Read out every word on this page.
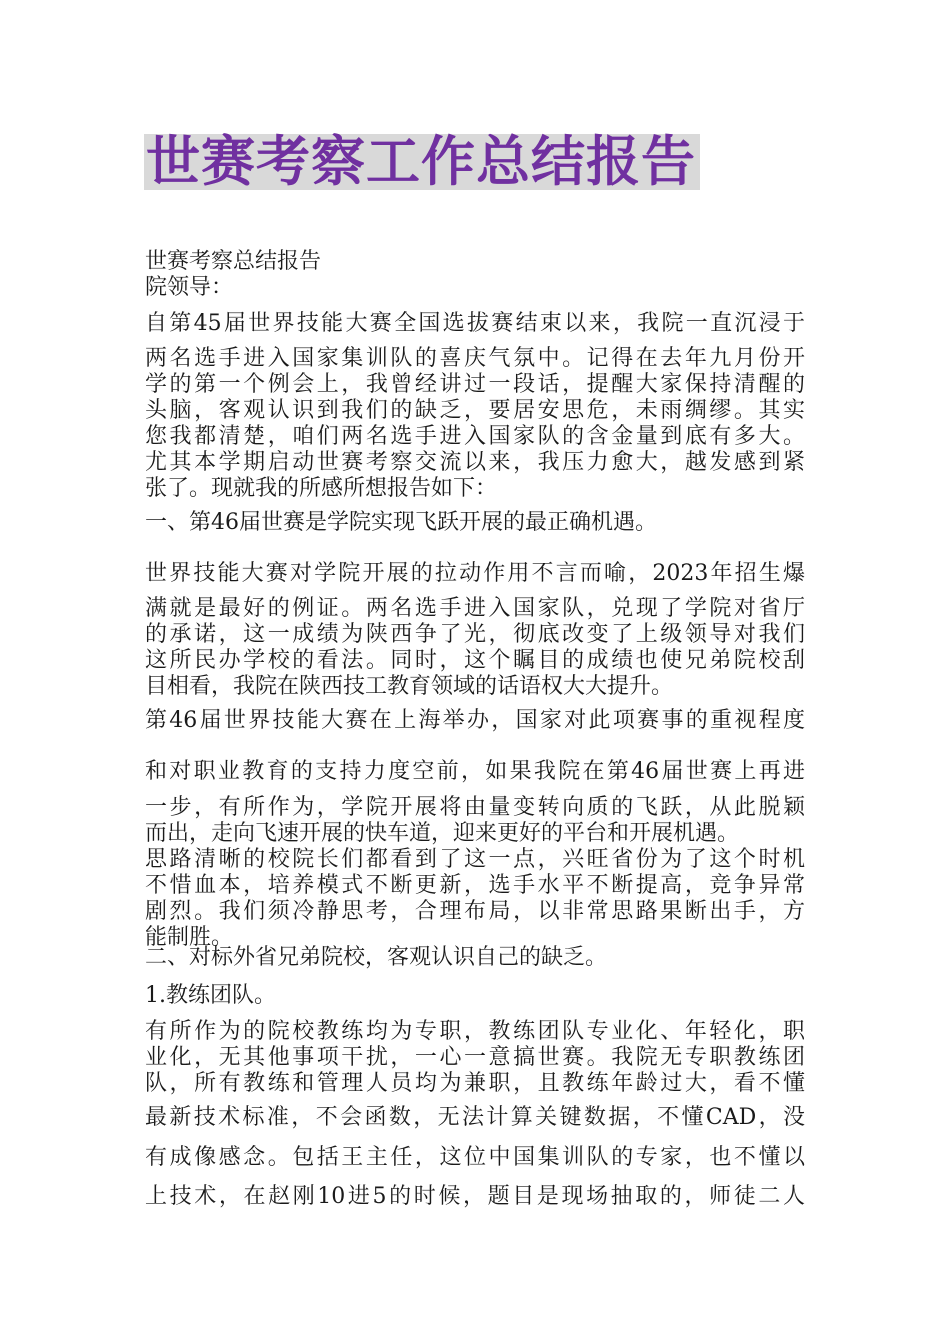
世赛考察工作总结报告
世赛考察总结报告
院领导：
自第45届世界技能大赛全国选拔赛结束以来，我院一直沉浸于
两名选手进入国家集训队的喜庆气氛中。记得在去年九月份开
学的第一个例会上，我曾经讲过一段话，提醒大家保持清醒的
头脑，客观认识到我们的缺乏，要居安思危，未雨绸缪。其实
您我都清楚，咱们两名选手进入国家队的含金量到底有多大。
尤其本学期启动世赛考察交流以来，我压力愈大，越发感到紧
张了。现就我的所感所想报告如下：
一、第46届世赛是学院实现飞跃开展的最正确机遇。
世界技能大赛对学院开展的拉动作用不言而喻，2023年招生爆
满就是最好的例证。两名选手进入国家队，兑现了学院对省厅
的承诺，这一成绩为陕西争了光，彻底改变了上级领导对我们
这所民办学校的看法。同时，这个瞩目的成绩也使兄弟院校刮
目相看，我院在陕西技工教育领域的话语权大大提升。
第46届世界技能大赛在上海举办，国家对此项赛事的重视程度
和对职业教育的支持力度空前，如果我院在第46届世赛上再进
一步，有所作为，学院开展将由量变转向质的飞跃，从此脱颖
而出，走向飞速开展的快车道，迎来更好的平台和开展机遇。
思路清晰的校院长们都看到了这一点，兴旺省份为了这个时机
不惜血本，培养模式不断更新，选手水平不断提高，竞争异常
剧烈。我们须冷静思考，合理布局，以非常思路果断出手，方
能制胜。
二、对标外省兄弟院校，客观认识自己的缺乏。
1.教练团队。
有所作为的院校教练均为专职，教练团队专业化、年轻化，职
业化，无其他事项干扰，一心一意搞世赛。我院无专职教练团
队，所有教练和管理人员均为兼职，且教练年龄过大，看不懂
最新技术标准，不会函数，无法计算关键数据，不懂CAD，没
有成像感念。包括王主任，这位中国集训队的专家，也不懂以
上技术，在赵刚10进5的时候，题目是现场抽取的，师徒二人
